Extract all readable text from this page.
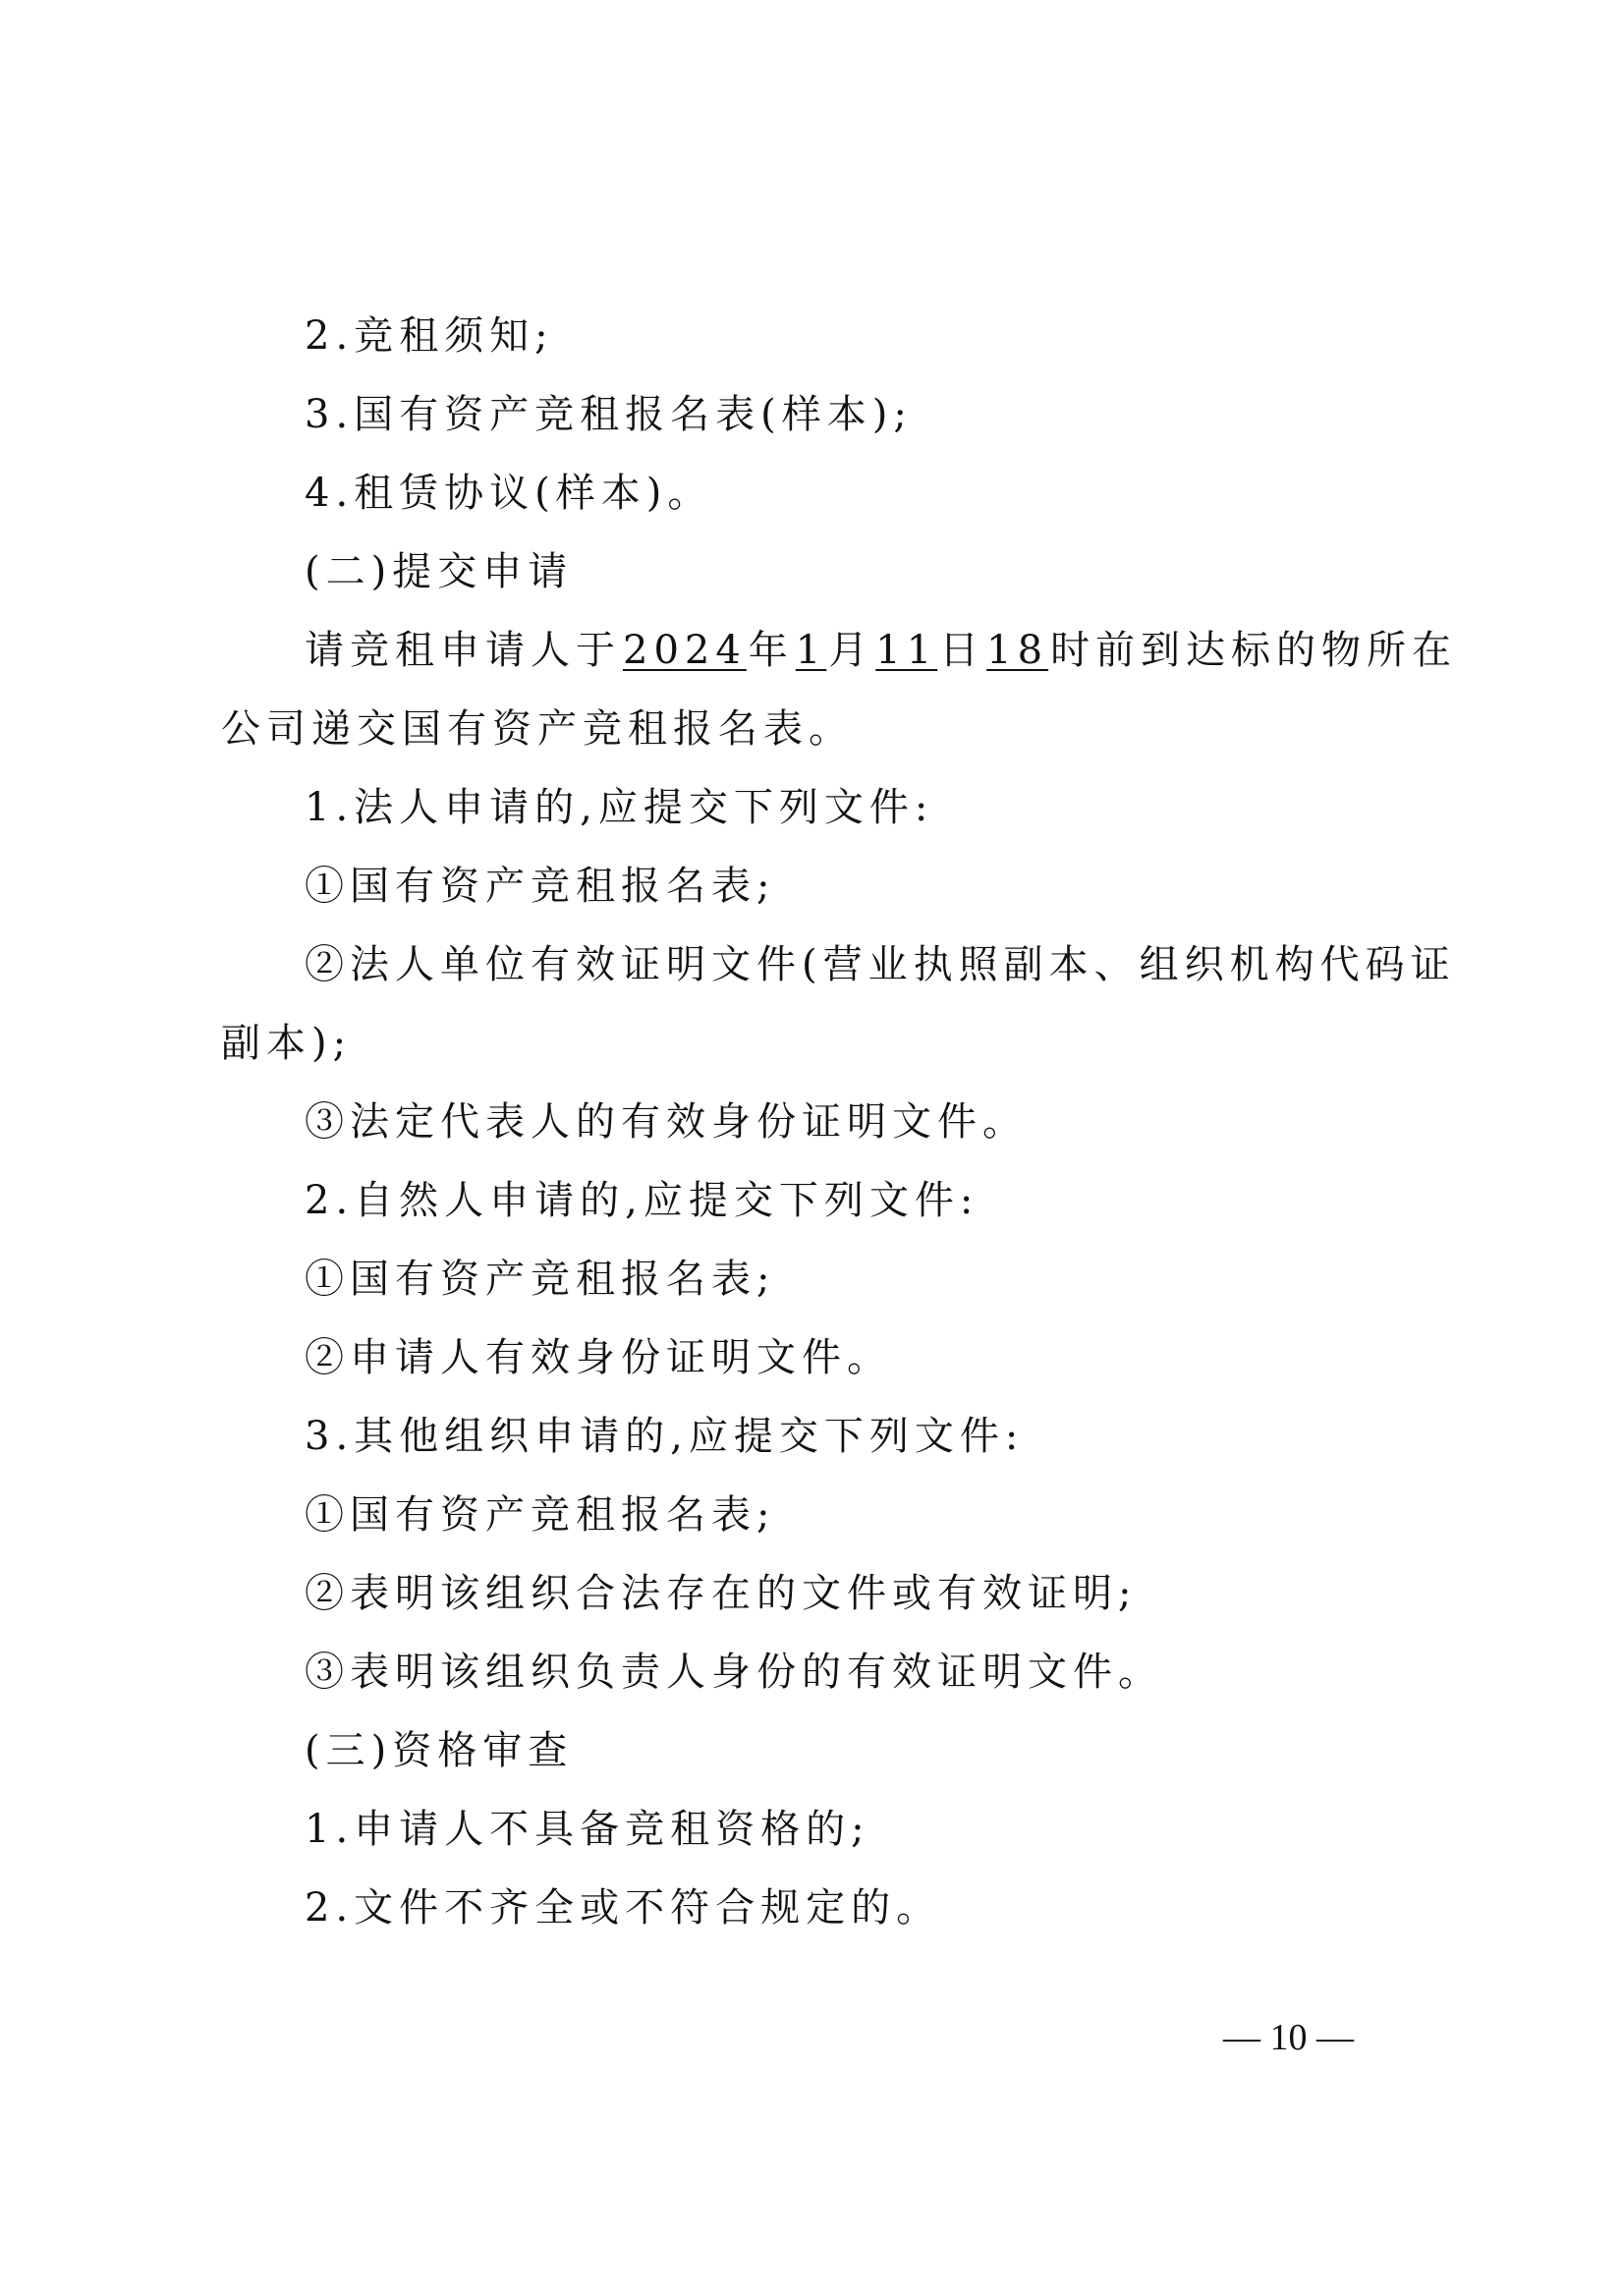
2.竞租须知;
3.国有资产竞租报名表(样本);
4.租赁协议(样本)。
(二)提交申请
请竞租申请人于2024年1月11日18时前到达标的物所在
公司递交国有资产竞租报名表。
1.法人申请的,应提交下列文件:
①国有资产竞租报名表;
②法人单位有效证明文件(营业执照副本、组织机构代码证
副本);
③法定代表人的有效身份证明文件。
2.自然人申请的,应提交下列文件:
①国有资产竞租报名表;
②申请人有效身份证明文件。
3.其他组织申请的,应提交下列文件:
①国有资产竞租报名表;
②表明该组织合法存在的文件或有效证明;
③表明该组织负责人身份的有效证明文件。
(三)资格审查
1.申请人不具备竞租资格的;
2.文件不齐全或不符合规定的。
— 10 —
